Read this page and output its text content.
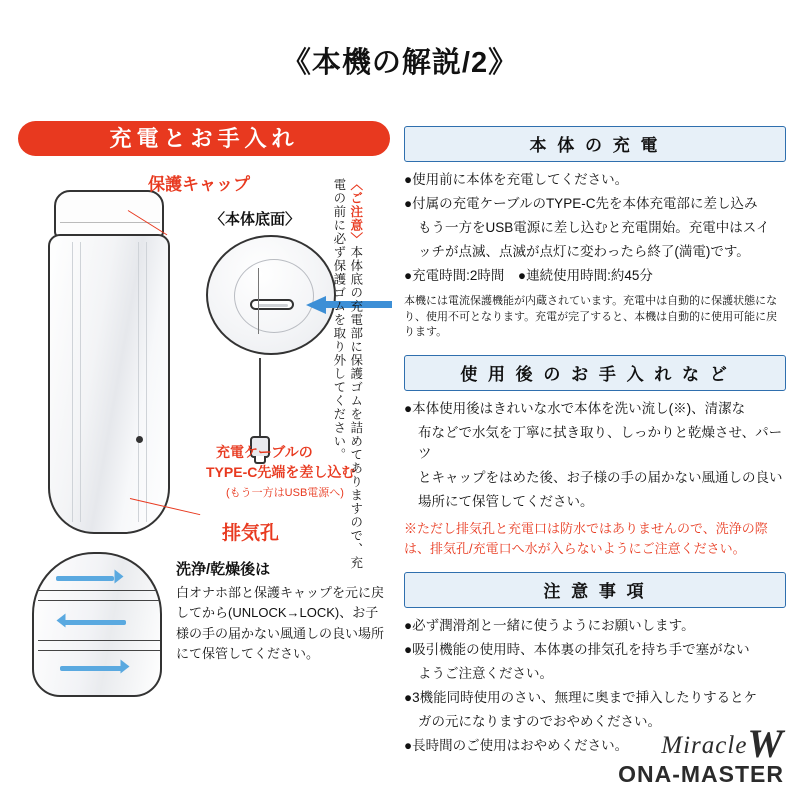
《本機の解説/2》
充電とお手入れ
保護キャップ
〈本体底面〉
充電ケーブルの
TYPE-C先端を差し込む
(もう一方はUSB電源へ)
排気孔
洗浄/乾燥後は
白オナホ部と保護キャップを元に戻してから(UNLOCK→LOCK)、お子様の手の届かない風通しの良い場所にて保管してください。
〈ご注意〉本体底の充電部に保護ゴムを詰めてありますので、充電の前に必ず保護ゴムを取り外してください。
本 体 の 充 電

●使用前に本体を充電してください。

●付属の充電ケーブルのTYPE-C先を本体充電部に差し込み

もう一方をUSB電源に差し込むと充電開始。充電中はスイ

ッチが点滅、点滅が点灯に変わったら終了(満電)です。

●充電時間:2時間　●連続使用時間:約45分

本機には電流保護機能が内蔵されています。充電中は自動的に保護状態になり、使用不可となります。充電が完了すると、本機は自動的に使用可能に戻ります。
使 用 後 の お 手 入 れ な ど

●本体使用後はきれいな水で本体を洗い流し(※)、清潔な

布などで水気を丁寧に拭き取り、しっかりと乾燥させ、パーツ

とキャップをはめた後、お子様の手の届かない風通しの良い

場所にて保管してください。

※ただし排気孔と充電口は防水ではありませんので、洗浄の際は、排気孔/充電口へ水が入らないようにご注意ください。
注 意 事 項

●必ず潤滑剤と一緒に使うようにお願いします。

●吸引機能の使用時、本体裏の排気孔を持ち手で塞がない

ようご注意ください。

●3機能同時使用のさい、無理に奥まで挿入したりするとケ

ガの元になりますのでおやめください。

●長時間のご使用はおやめください。	MiracleW
ONA-MASTER
